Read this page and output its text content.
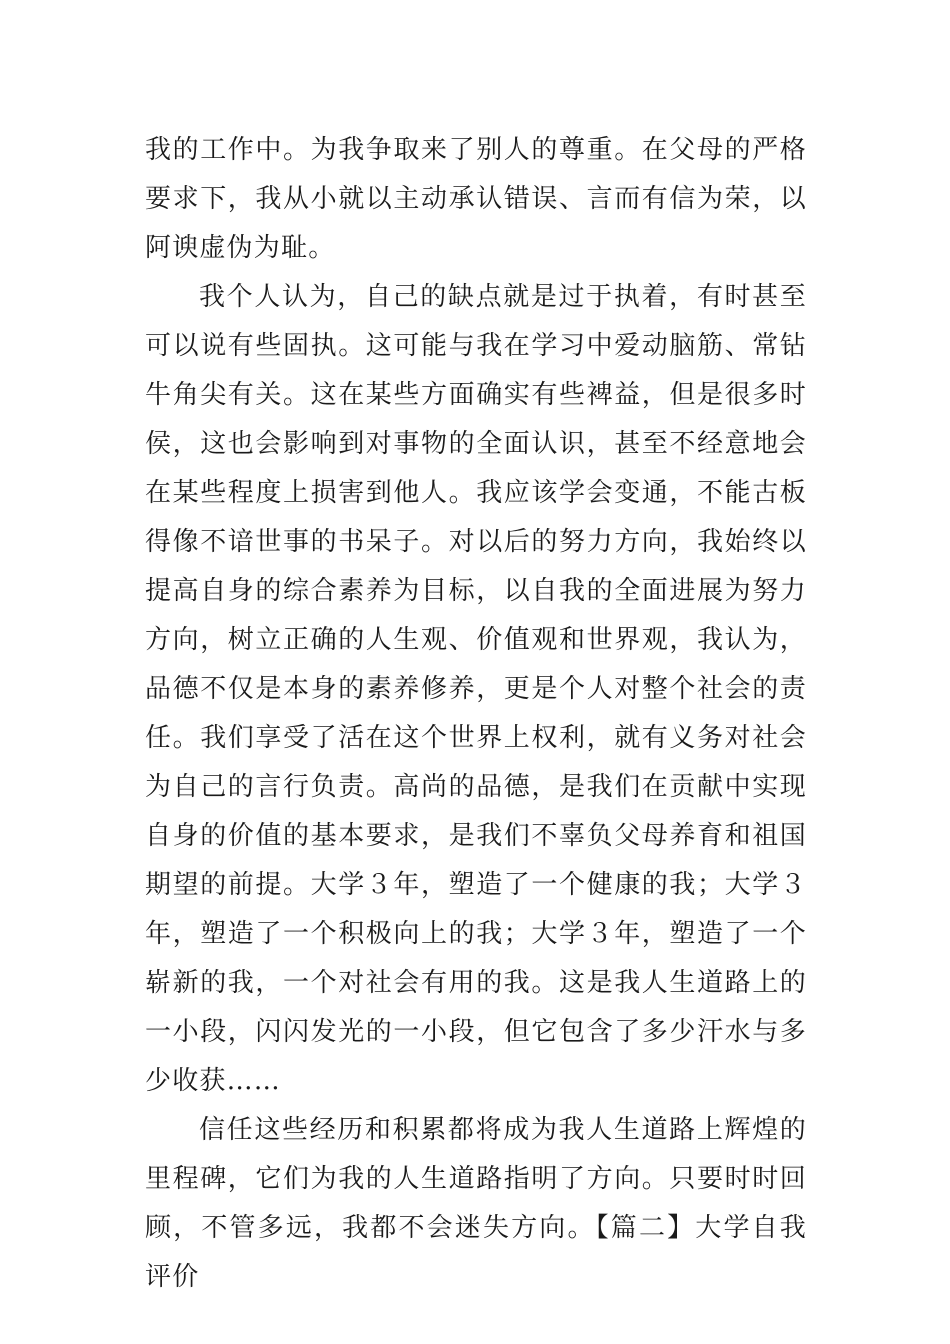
我的工作中。为我争取来了别人的尊重。在父母的严格要求下，我从小就以主动承认错误、言而有信为荣，以阿谀虚伪为耻。

我个人认为，自己的缺点就是过于执着，有时甚至可以说有些固执。这可能与我在学习中爱动脑筋、常钻牛角尖有关。这在某些方面确实有些裨益，但是很多时侯，这也会影响到对事物的全面认识，甚至不经意地会在某些程度上损害到他人。我应该学会变通，不能古板得像不谙世事的书呆子。对以后的努力方向，我始终以提高自身的综合素养为目标，以自我的全面进展为努力方向，树立正确的人生观、价值观和世界观，我认为，品德不仅是本身的素养修养，更是个人对整个社会的责任。我们享受了活在这个世界上权利，就有义务对社会为自己的言行负责。高尚的品德，是我们在贡献中实现自身的价值的基本要求，是我们不辜负父母养育和祖国期望的前提。大学３年，塑造了一个健康的我；大学３年，塑造了一个积极向上的我；大学３年，塑造了一个崭新的我，一个对社会有用的我。这是我人生道路上的一小段，闪闪发光的一小段，但它包含了多少汗水与多少收获……

信任这些经历和积累都将成为我人生道路上辉煌的里程碑，它们为我的人生道路指明了方向。只要时时回顾，不管多远，我都不会迷失方向。【篇二】大学自我评价
